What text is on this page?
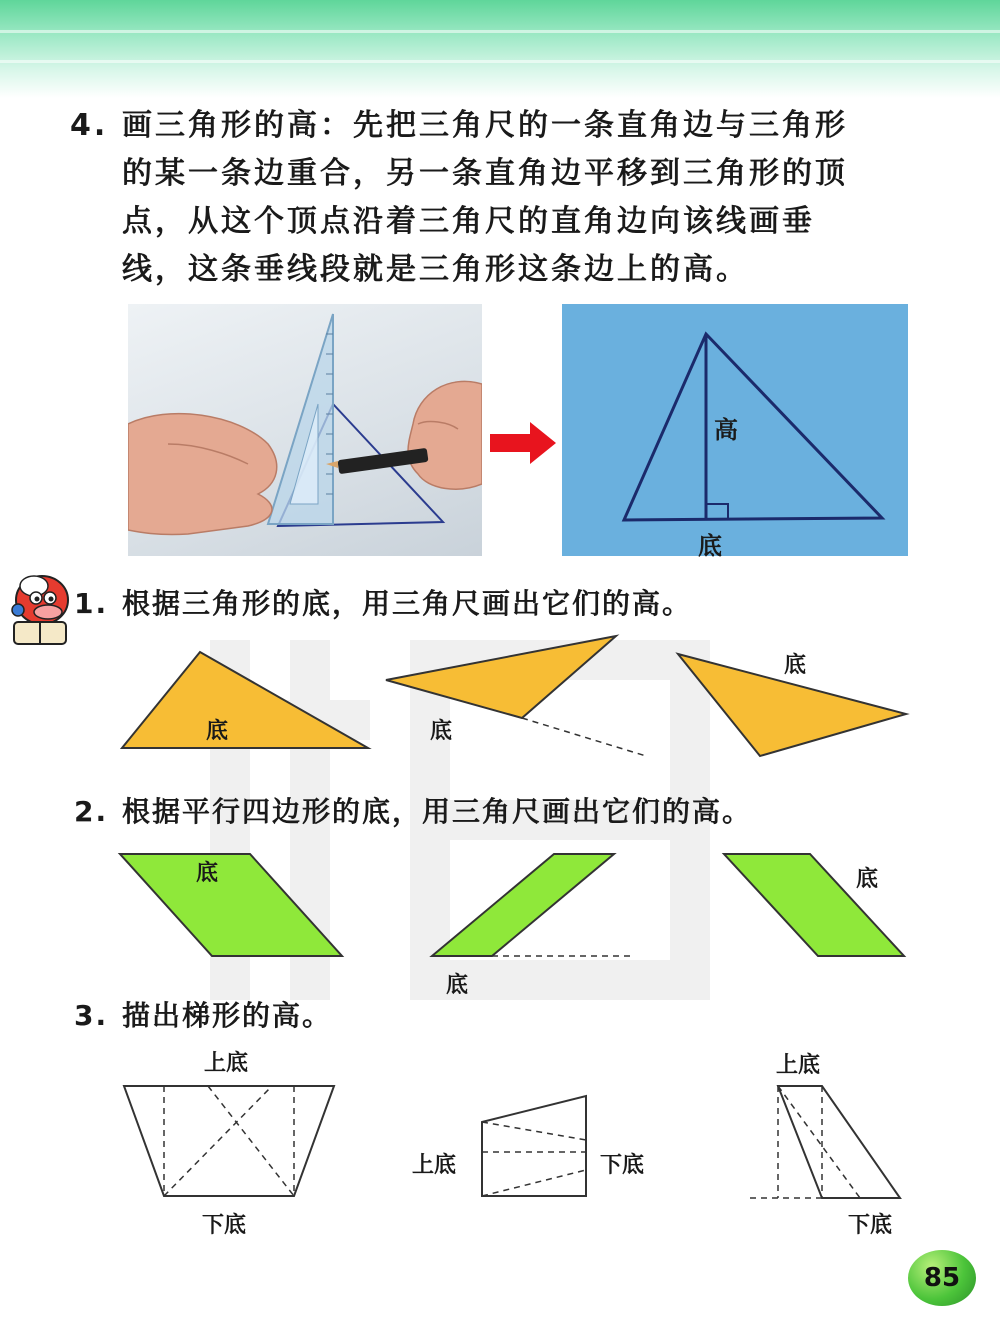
4. 画三角形的高：先把三角尺的一条直角边与三角形
的某一条边重合，另一条直角边平移到三角形的顶
点，从这个顶点沿着三角尺的直角边向该线画垂
线，这条垂线段就是三角形这条边上的高。
高
底
1. 根据三角形的底，用三角尺画出它们的高。
底	底
底
2. 根据平行四边形的底，用三角尺画出它们的高。
底
底
底
3. 描出梯形的高。
上底
下底
上底	下底
上底
下底
85
